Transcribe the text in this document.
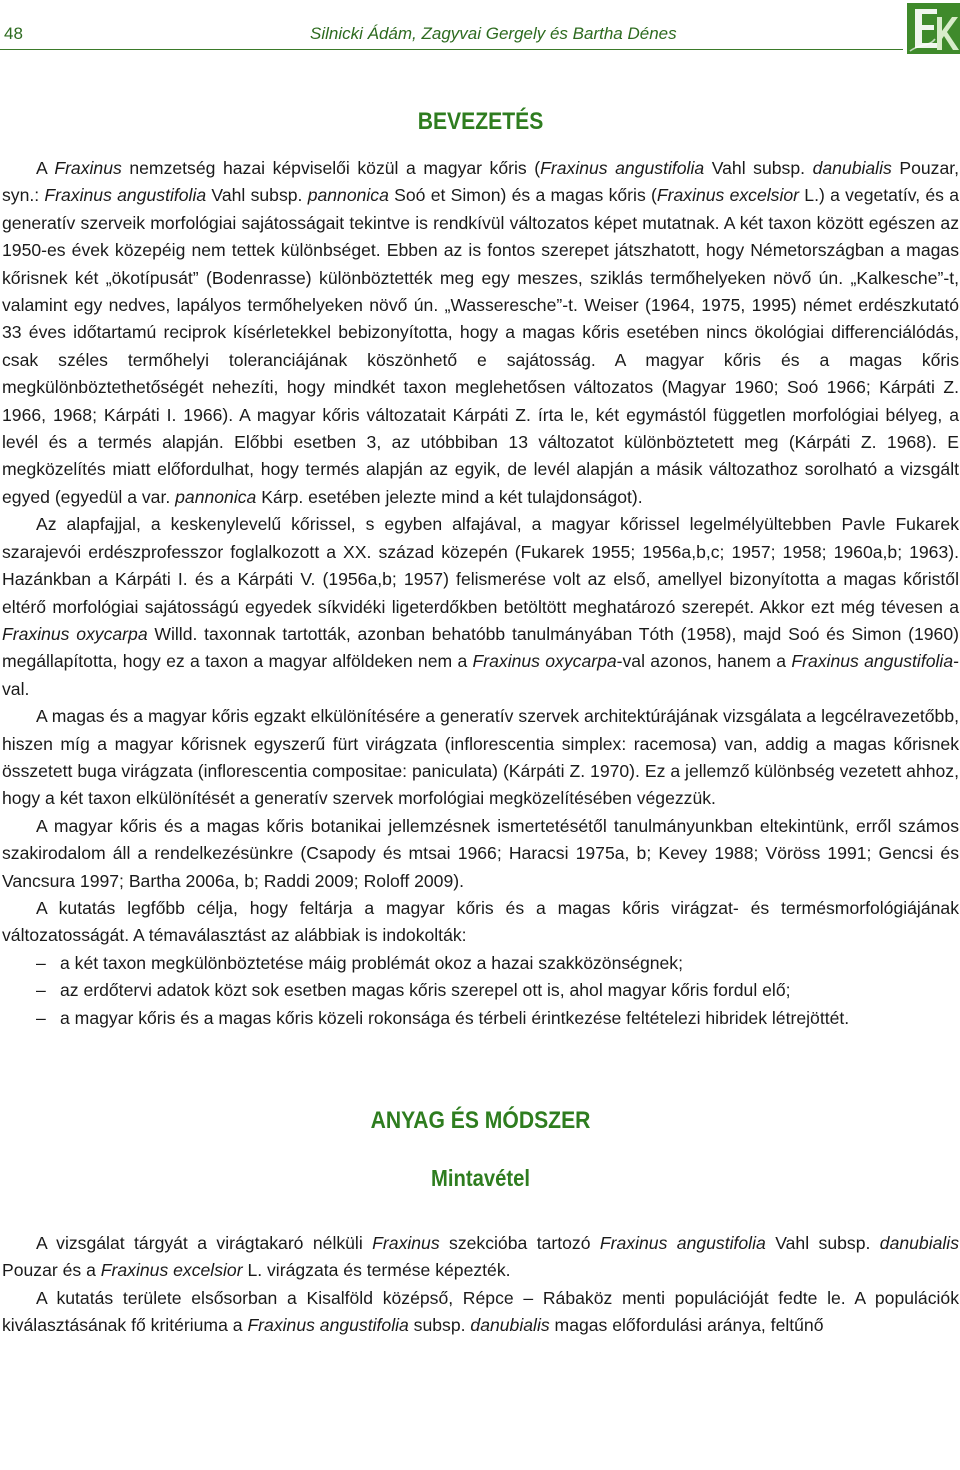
48	Silnicki Ádám, Zagyvai Gergely és Bartha Dénes
BEVEZETÉS

A Fraxinus nemzetség hazai képviselői közül a magyar kőris (Fraxinus angustifolia Vahl subsp. danubialis Pouzar, syn.: Fraxinus angustifolia Vahl subsp. pannonica Soó et Simon) és a magas kőris (Fraxinus excelsior L.) a vegetatív, és a generatív szerveik morfológiai sajátosságait tekintve is rendkívül változatos képet mutatnak. A két taxon között egészen az 1950-es évek közepéig nem tettek különbséget. Ebben az is fontos szerepet játszhatott, hogy Németországban a magas kőrisnek két „ökotípusát” (Bodenrasse) különböztették meg egy meszes, sziklás termőhelyeken növő ún. „Kalkesche”-t, valamint egy nedves, lapályos termőhelyeken növő ún. „Wasseresche”-t. Weiser (1964, 1975, 1995) német erdészkutató 33 éves időtartamú reciprok kísérletekkel bebizonyította, hogy a magas kőris esetében nincs ökológiai differenciálódás, csak széles termőhelyi toleranciájának köszönhető e sajátosság. A magyar kőris és a magas kőris megkülönböztethetőségét nehezíti, hogy mindkét taxon meglehetősen változatos (Magyar 1960; Soó 1966; Kárpáti Z. 1966, 1968; Kárpáti I. 1966). A magyar kőris változatait Kárpáti Z. írta le, két egymástól független morfológiai bélyeg, a levél és a termés alapján. Előbbi esetben 3, az utóbbiban 13 változatot különböztetett meg (Kárpáti Z. 1968). E megközelítés miatt előfordulhat, hogy termés alapján az egyik, de levél alapján a másik változathoz sorolható a vizsgált egyed (egyedül a var. pannonica Kárp. esetében jelezte mind a két tulajdonságot).

Az alapfajjal, a keskenylevelű kőrissel, s egyben alfajával, a magyar kőrissel legelmélyültebben Pavle Fukarek szarajevói erdészprofesszor foglalkozott a XX. század közepén (Fukarek 1955; 1956a,b,c; 1957; 1958; 1960a,b; 1963). Hazánkban a Kárpáti I. és a Kárpáti V. (1956a,b; 1957) felismerése volt az első, amellyel bizonyította a magas kőristől eltérő morfológiai sajátosságú egyedek síkvidéki ligeterdőkben betöltött meghatározó szerepét. Akkor ezt még tévesen a Fraxinus oxycarpa Willd. taxonnak tartották, azonban behatóbb tanulmányában Tóth (1958), majd Soó és Simon (1960) megállapította, hogy ez a taxon a magyar alföldeken nem a Fraxinus oxycarpa-val azonos, hanem a Fraxinus angustifolia-val.

A magas és a magyar kőris egzakt elkülönítésére a generatív szervek architektúrájának vizsgálata a legcélravezetőbb, hiszen míg a magyar kőrisnek egyszerű fürt virágzata (inflorescentia simplex: racemosa) van, addig a magas kőrisnek összetett buga virágzata (inflorescentia compositae: paniculata) (Kárpáti Z. 1970). Ez a jellemző különbség vezetett ahhoz, hogy a két taxon elkülönítését a generatív szervek morfológiai megközelítésében végezzük.

A magyar kőris és a magas kőris botanikai jellemzésnek ismertetésétől tanulmányunkban eltekintünk, erről számos szakirodalom áll a rendelkezésünkre (Csapody és mtsai 1966; Haracsi 1975a, b; Kevey 1988; Vöröss 1991; Gencsi és Vancsura 1997; Bartha 2006a, b; Raddi 2009; Roloff 2009).

A kutatás legfőbb célja, hogy feltárja a magyar kőris és a magas kőris virágzat- és termésmorfológiájának változatosságát. A témaválasztást az alábbiak is indokolták:

– a két taxon megkülönböztetése máig problémát okoz a hazai szakközönségnek;
– az erdőtervi adatok közt sok esetben magas kőris szerepel ott is, ahol magyar kőris fordul elő;
– a magyar kőris és a magas kőris közeli rokonsága és térbeli érintkezése feltételezi hibridek létrejöttét.
ANYAG ÉS MÓDSZER
Mintavétel

A vizsgálat tárgyát a virágtakaró nélküli Fraxinus szekcióba tartozó Fraxinus angustifolia Vahl subsp. danubialis Pouzar és a Fraxinus excelsior L. virágzata és termése képezték.

A kutatás területe elsősorban a Kisalföld középső, Répce – Rábaköz menti populációját fedte le. A populációk kiválasztásának fő kritériuma a Fraxinus angustifolia subsp. danubialis magas előfordulási aránya, feltűnő
